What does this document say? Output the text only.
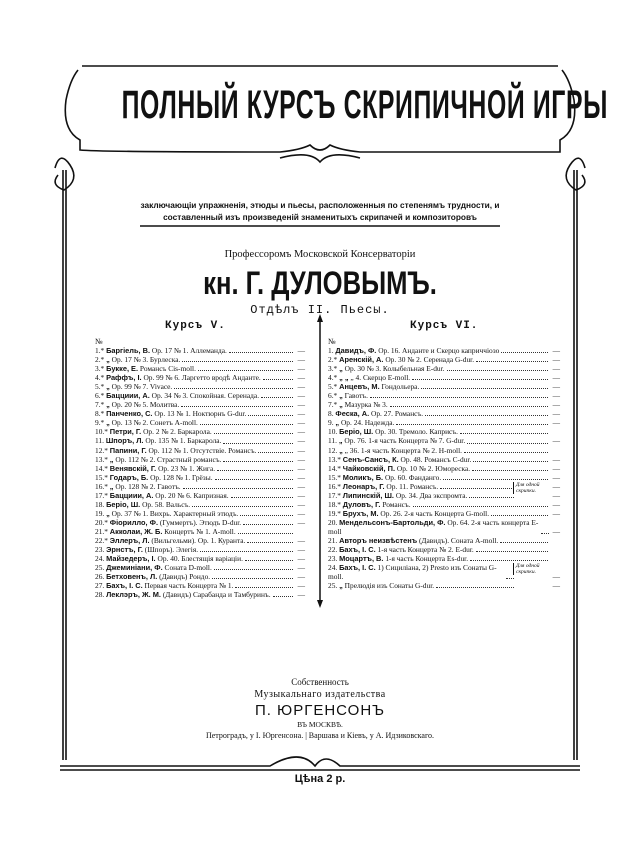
ПОЛНЫЙ КУРСЪ СКРИПИЧНОЙ ИГРЫ
заключающіи упражненія, этюды и пьесы, расположенныя по степенямъ трудности, и
составленный изъ произведеній знаменитыхъ скрипачей и композиторовъ
Профессоромъ Московской Консерваторіи
кн. Г. ДУЛОВЫМЪ.
Отдѣлъ II. Пьесы.
Курсъ V.	Курсъ VI.
№
1.* Баргіель, В. Ор. 17 № 1. Аллеманда.	—
2.* „ Ор. 17 № 3. Бурлеска.	—
3.* Букке, Е. Романсъ Cis-moll.	—
4.* Раффъ, І. Ор. 99 № 6. Ларгетто вродѣ Андантe.	—
5.* „ Ор. 99 № 7. Vivace.	—
6.* Бацциии, А. Ор. 34 № 3. Спокойная. Серенада.	—
7.* „ Ор. 20 № 5. Молитва.	—
8.* Панченко, С. Ор. 13 № 1. Ноктюрнъ G-dur.	—
9.* „ Ор. 13 № 2. Сонетъ A-moll.	—
10.* Петри, Г. Ор. 2 № 2. Баркарола.	—
11. Шпоръ, Л. Ор. 135 № 1. Баркарола.	—
12.* Папини, Г. Ор. 112 № 1. Отсутствіе. Романсъ.	—
13.* „ Ор. 112 № 2. Страстный романсъ.	—
14.* Венявскій, Г. Ор. 23 № 1. Жига.	—
15.* Годаръ, Б. Ор. 128 № 1. Грёзы.	—
16.* „ Ор. 128 № 2. Гавотъ.	—
17.* Бацциии, А. Ор. 20 № 6. Капризная.	—
18. Беріо, Ш. Ор. 58. Вальсъ.	—
19. „ Ор. 37 № 1. Вихрь. Характерный этюдъ.	—
20.* Фіорилло, Ф. (Гуммертъ). Этюдъ D-dur.	—
21.* Акколаи, Ж. Б. Концертъ № 1. A-moll.
22.* Эллеръ, Л. (Вильгельми). Ор. 1. Куранта.	—
23. Эрнстъ, Г. (Шпоръ). Элегія.	—
24. Майзедеръ, І. Ор. 40. Блестящія варіаціи.	—
25. Джеминіани, Ф. Соната D-moll.	—
26. Бетховенъ, Л. (Давидъ) Рондо.	—
27. Бахъ, І. С. Первая часть Концерта № 1.	—
28. Леклэръ, Ж. М. (Давидъ) Сарабанда и Тамбуринъ.	—
№
1. Давидъ, Ф. Ор. 16. Андантe и Скерцо каприччіозо	—
2.* Аренскій, А. Ор. 30 № 2. Серенада G-dur.	—
3.* „ Ор. 30 № 3. Колыбельная E-dur.	—
4.* „ „ „ 4. Скерцо E-moll.	—
5.* Анцевъ, М. Гондольера.	—
6.* „ Гавотъ.	—
7.* „ Мазурка № 3.	—
8. Феска, А. Ор. 27. Романсъ.	—
9. „ Ор. 24. Надежда.	—
10. Беріо, Ш. Ор. 30. Тремоло. Каприсъ.
11. „ Ор. 76. 1-я часть Концерта № 7. G-dur.	—
12. „ „ 36. 1-я часть Концерта № 2. H-moll.
13.* Сенъ-Сансъ, К. Ор. 48. Романсъ C-dur.	—
14.* Чайковскій, П. Ор. 10 № 2. Юмореска.	—
15.* Моликъ, Б. Ор. 60. Фанданго.	—
16.* Леонаръ, Г. Ор. 11. Романсъ.	—
Для одной скрипки.
17.* Липинскій, Ш. Ор. 34. Два экспромта.	—
18.* Дуловъ, Г. Романсъ.	—
19.* Брухъ, М. Ор. 26. 2-я часть Концерта G-moll.	—
20. Мендельсонъ-Бартольди, Ф. Ор. 64. 2-я часть концерта E-moll	—
21. Авторъ неизвѣстенъ (Давидъ). Соната A-moll.
22. Бахъ, І. С. 1-я часть Концерта № 2. E-dur.
23. Моцартъ, В. 1-я часть Концерта Es-dur.
24. Бахъ, І. С. 1) Сициліана, 2) Presto изъ Сонаты G-moll.	—
Для одной скрипки.
25. „ Прелюдія изъ Сонаты G-dur.	—
Собственность
Музыкальнаго издательства
П. ЮРГЕНСОНЪ
ВЪ МОСКВѢ.
Петроградъ, у І. Юргенсона. | Варшава и Кіевъ, у А. Идзиковскаго.
Цѣна 2 р.
